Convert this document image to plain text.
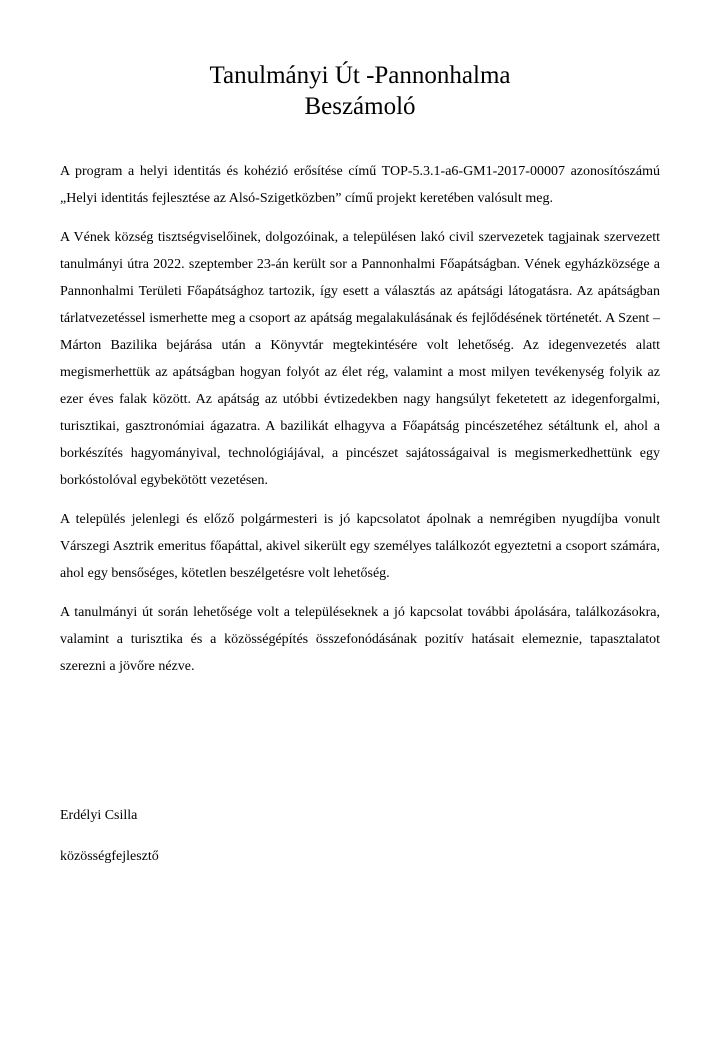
Tanulmányi Út -Pannonhalma
Beszámoló

A program a helyi identitás és kohézió erősítése című TOP-5.3.1-a6-GM1-2017-00007 azonosítószámú „Helyi identitás fejlesztése az Alsó-Szigetközben” című projekt keretében valósult meg.

A Vének község tisztségviselőinek, dolgozóinak, a településen lakó civil szervezetek tagjainak szervezett tanulmányi útra 2022. szeptember 23-án került sor a Pannonhalmi Főapátságban. Vének egyházközsége a Pannonhalmi Területi Főapátsághoz tartozik, így esett a választás az apátsági látogatásra. Az apátságban tárlatvezetéssel ismerhette meg a csoport az apátság megalakulásának és fejlődésének történetét. A Szent –Márton Bazilika bejárása után a Könyvtár megtekintésére volt lehetőség. Az idegenvezetés alatt megismerhettük az apátságban hogyan folyót az élet rég, valamint a most milyen tevékenység folyik az ezer éves falak között. Az apátság az utóbbi évtizedekben nagy hangsúlyt feketetett az idegenforgalmi, turisztikai, gasztronómiai ágazatra. A bazilikát elhagyva a Főapátság pincészetéhez sétáltunk el, ahol a borkészítés hagyományival, technológiájával, a pincészet sajátosságaival is megismerkedhettünk egy borkóstolóval egybekötött vezetésen.

A település jelenlegi és előző polgármesteri is jó kapcsolatot ápolnak a nemrégiben nyugdíjba vonult Várszegi Asztrik emeritus főapáttal, akivel sikerült egy személyes találkozót egyeztetni a csoport számára, ahol egy bensőséges, kötetlen beszélgetésre volt lehetőség.

A tanulmányi út során lehetősége volt a településeknek a jó kapcsolat további ápolására, találkozásokra, valamint a turisztika és a közösségépítés összefonódásának pozitív hatásait elemeznie, tapasztalatot szerezni a jövőre nézve.

Erdélyi Csilla

közösségfejlesztő
